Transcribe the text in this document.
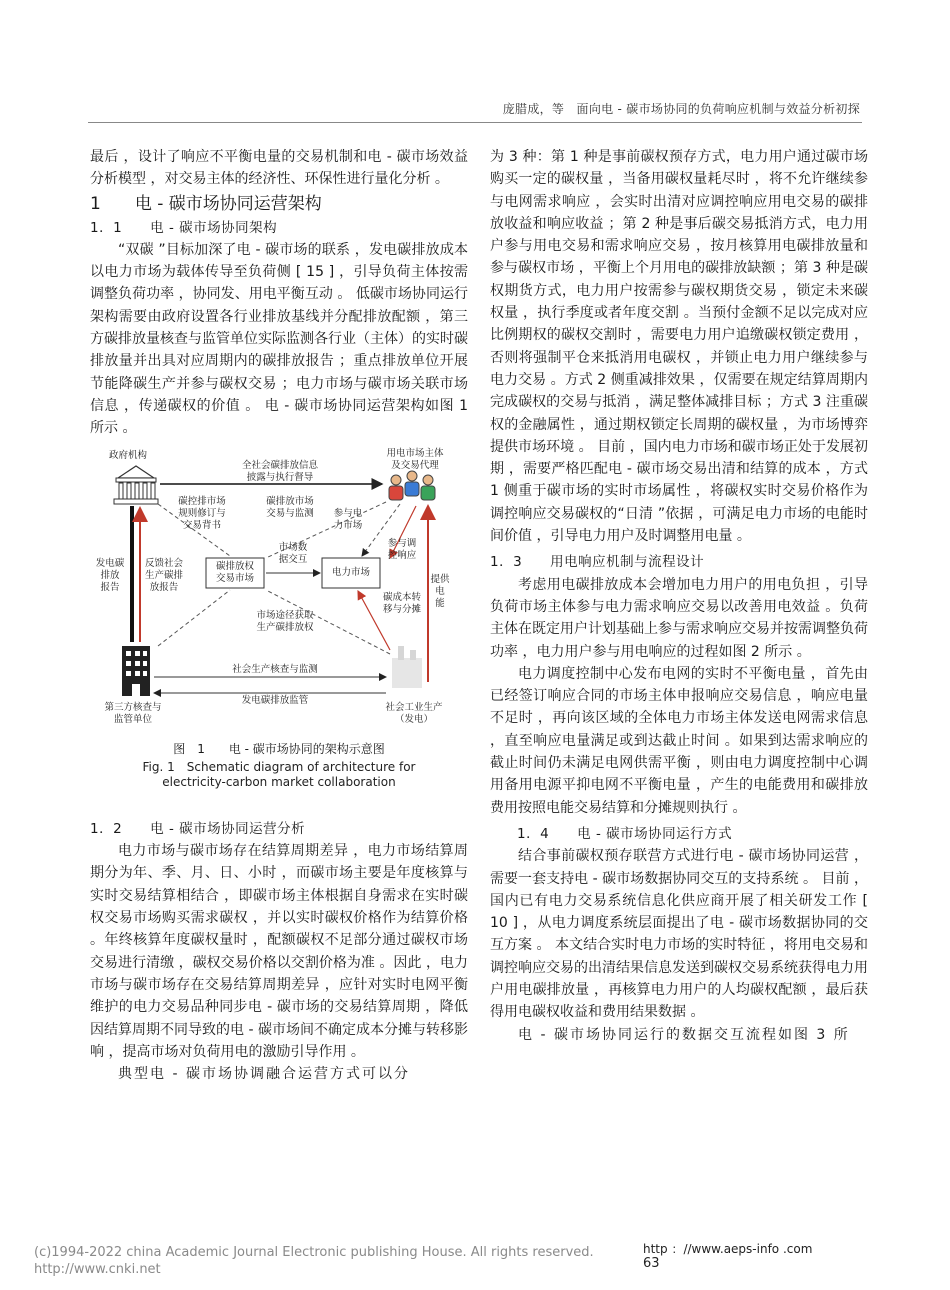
庞腊成，等　面向电 - 碳市场协同的负荷响应机制与效益分析初探

最后 ，设计了响应不平衡电量的交易机制和电 - 碳市场效益分析模型 ，对交易主体的经济性、环保性进行量化分析 。

1　　电 - 碳市场协同运营架构

1．1　　电 - 碳市场协同架构

“双碳 ”目标加深了电 - 碳市场的联系 ，发电碳排放成本以电力市场为载体传导至负荷侧 [ 15 ] ，引导负荷主体按需调整负荷功率 ，协同发、用电平衡互动 。 低碳市场协同运行架构需要由政府设置各行业排放基线并分配排放配额 ，第三方碳排放量核查与监管单位实际监测各行业（主体）的实时碳排放量并出具对应周期内的碳排放报告 ；重点排放单位开展节能降碳生产并参与碳权交易 ；电力市场与碳市场关联市场信息 ，传递碳权的价值 。 电 - 碳市场协同运营架构如图 1 所示 。

政府机构	用电市场主体
及交易代理
全社会碳排放信息
披露与执行督导
碳控排市场
规则修订与
交易背书
碳排放市场
交易与监测	参与电
力市场
参与调
控响应
市场数
据交互
碳排放权
交易市场
电力市场
发电碳
排放
报告
反馈社会
生产碳排
放报告
提供
电
能
碳成本转
移与分摊
市场途径获取
生产碳排放权
社会生产核查与监测
发电碳排放监管
第三方核查与
监管单位
社会工业生产
（发电）
图　1　　电 - 碳市场协同的架构示意图
Fig. 1　Schematic diagram of architecture for
electricity-carbon market collaboration

1．2　　电 - 碳市场协同运营分析

电力市场与碳市场存在结算周期差异 ，电力市场结算周期分为年、季、月、日、小时 ，而碳市场主要是年度核算与实时交易结算相结合 ，即碳市场主体根据自身需求在实时碳权交易市场购买需求碳权 ，并以实时碳权价格作为结算价格 。年终核算年度碳权量时 ，配额碳权不足部分通过碳权市场交易进行清缴 ，碳权交易价格以交割价格为准 。因此 ，电力市场与碳市场存在交易结算周期差异 ，应针对实时电网平衡维护的电力交易品种同步电 - 碳市场的交易结算周期 ，降低因结算周期不同导致的电 - 碳市场间不确定成本分摊与转移影响 ，提高市场对负荷用电的激励引导作用 。

典型电 - 碳市场协调融合运营方式可以分

为 3 种：第 1 种是事前碳权预存方式，电力用户通过碳市场购买一定的碳权量 ，当备用碳权量耗尽时 ，将不允许继续参与电网需求响应 ，会实时出清对应调控响应用电交易的碳排放收益和响应收益 ；第 2 种是事后碳交易抵消方式，电力用户参与用电交易和需求响应交易 ，按月核算用电碳排放量和参与碳权市场 ，平衡上个月用电的碳排放缺额 ；第 3 种是碳权期货方式，电力用户按需参与碳权期货交易 ，锁定未来碳权量 ，执行季度或者年度交割 。当预付金额不足以完成对应比例期权的碳权交割时 ，需要电力用户追缴碳权锁定费用 ，否则将强制平仓来抵消用电碳权 ，并锁止电力用户继续参与电力交易 。方式 2 侧重减排效果 ，仅需要在规定结算周期内完成碳权的交易与抵消 ，满足整体减排目标 ；方式 3 注重碳权的金融属性 ，通过期权锁定长周期的碳权量 ，为市场博弈提供市场环境 。 目前 ，国内电力市场和碳市场正处于发展初期 ，需要严格匹配电 - 碳市场交易出清和结算的成本 ，方式 1 侧重于碳市场的实时市场属性 ，将碳权实时交易价格作为调控响应交易碳权的“日清 ”依据 ，可满足电力市场的电能时间价值 ，引导电力用户及时调整用电量 。

1．3　　用电响应机制与流程设计

考虑用电碳排放成本会增加电力用户的用电负担 ，引导负荷市场主体参与电力需求响应交易以改善用电效益 。负荷主体在既定用户计划基础上参与需求响应交易并按需调整负荷功率 ，电力用户参与用电响应的过程如图 2 所示 。

电力调度控制中心发布电网的实时不平衡电量 ，首先由已经签订响应合同的市场主体申报响应交易信息 ，响应电量不足时 ，再向该区域的全体电力市场主体发送电网需求信息 ，直至响应电量满足或到达截止时间 。如果到达需求响应的截止时间仍未满足电网供需平衡 ，则由电力调度控制中心调用备用电源平抑电网不平衡电量 ，产生的电能费用和碳排放费用按照电能交易结算和分摊规则执行 。

1．4　　电 - 碳市场协同运行方式

结合事前碳权预存联营方式进行电 - 碳市场协同运营 ，需要一套支持电 - 碳市场数据协同交互的支持系统 。 目前 ，国内已有电力交易系统信息化供应商开展了相关研发工作 [ 10 ] ，从电力调度系统层面提出了电 - 碳市场数据协同的交互方案 。 本文结合实时电力市场的实时特征 ，将用电交易和调控响应交易的出清结果信息发送到碳权交易系统获得电力用户用电碳排放量 ，再核算电力用户的人均碳权配额 ，最后获得用电碳权收益和费用结果数据 。

电 - 碳市场协同运行的数据交互流程如图 3 所

http ：//www.aeps-info .com
63
(c)1994-2022 china Academic Journal Electronic publishing House. All rights reserved.
http://www.cnki.net
